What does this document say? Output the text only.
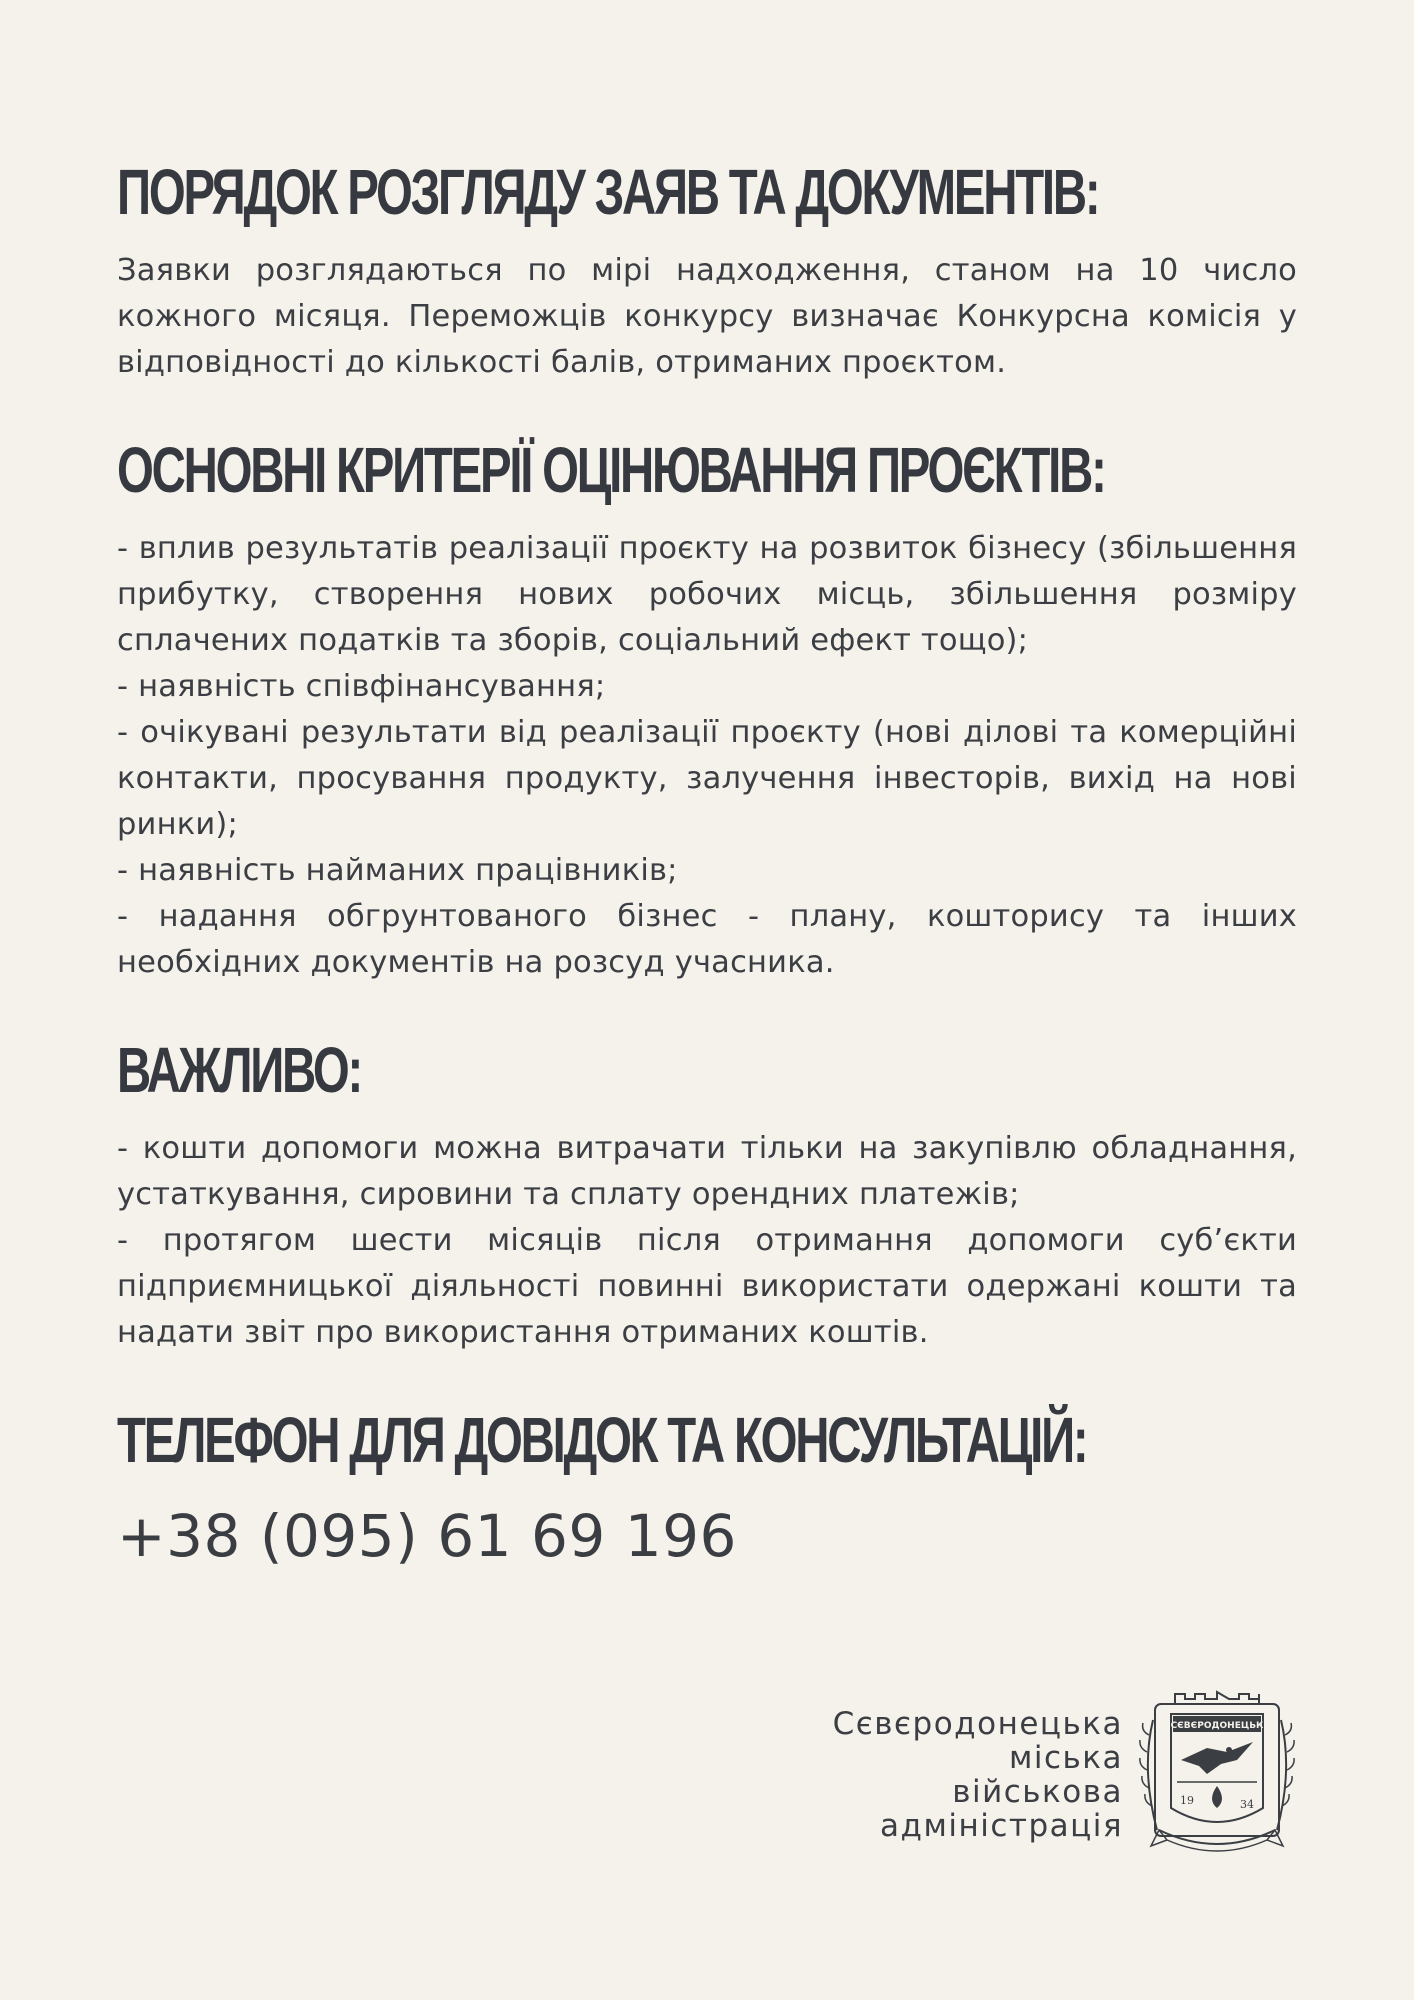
ПОРЯДОК РОЗГЛЯДУ ЗАЯВ ТА ДОКУМЕНТІВ:

Заявки розглядаються по мірі надходження, станом на 10 число кожного місяця. Переможців конкурсу визначає Конкурсна комісія у відповідності до кількості балів, отриманих проєктом.

ОСНОВНІ КРИТЕРІЇ ОЦІНЮВАННЯ ПРОЄКТІВ:

- вплив результатів реалізації проєкту на розвиток бізнесу (збільшення прибутку, створення нових робочих місць, збільшення розміру сплачених податків та зборів, соціальний ефект тощо);

- наявність співфінансування;

- очікувані результати від реалізації проєкту (нові ділові та комерційні контакти, просування продукту, залучення інвесторів, вихід на нові ринки);

- наявність найманих працівників;

- надання обгрунтованого бізнес - плану, кошторису та інших необхідних документів на розсуд учасника.

ВАЖЛИВО:

- кошти допомоги можна витрачати тільки на закупівлю обладнання, устаткування, сировини та сплату орендних платежів;

- протягом шести місяців після отримання допомоги суб’єкти підприємницької діяльності повинні використати одержані кошти та надати звіт про використання отриманих коштів.

ТЕЛЕФОН ДЛЯ ДОВІДОК ТА КОНСУЛЬТАЦІЙ:

+38 (095) 61 69 196

Сєвєродонецька
міська
військова
адміністрація
СЄВЄРОДОНЕЦЬК
19	34
